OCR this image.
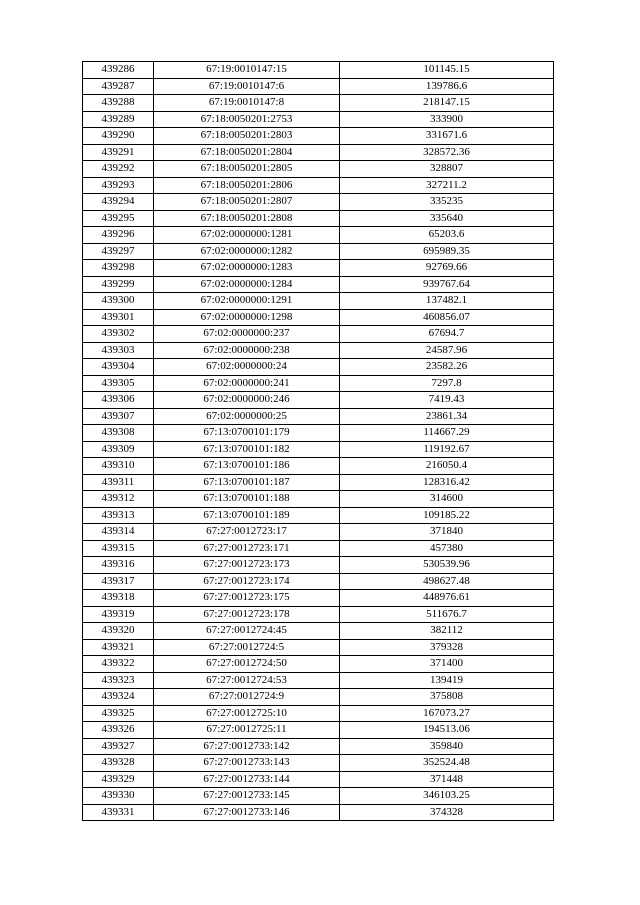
439286	67:19:0010147:15	101145.15
439287	67:19:0010147:6	139786.6
439288	67:19:0010147:8	218147.15
439289	67:18:0050201:2753	333900
439290	67:18:0050201:2803	331671.6
439291	67:18:0050201:2804	328572.36
439292	67:18:0050201:2805	328807
439293	67:18:0050201:2806	327211.2
439294	67:18:0050201:2807	335235
439295	67:18:0050201:2808	335640
439296	67:02:0000000:1281	65203.6
439297	67:02:0000000:1282	695989.35
439298	67:02:0000000:1283	92769.66
439299	67:02:0000000:1284	939767.64
439300	67:02:0000000:1291	137482.1
439301	67:02:0000000:1298	460856.07
439302	67:02:0000000:237	67694.7
439303	67:02:0000000:238	24587.96
439304	67:02:0000000:24	23582.26
439305	67:02:0000000:241	7297.8
439306	67:02:0000000:246	7419.43
439307	67:02:0000000:25	23861.34
439308	67:13:0700101:179	114667.29
439309	67:13:0700101:182	119192.67
439310	67:13:0700101:186	216050.4
439311	67:13:0700101:187	128316.42
439312	67:13:0700101:188	314600
439313	67:13:0700101:189	109185.22
439314	67:27:0012723:17	371840
439315	67:27:0012723:171	457380
439316	67:27:0012723:173	530539.96
439317	67:27:0012723:174	498627.48
439318	67:27:0012723:175	448976.61
439319	67:27:0012723:178	511676.7
439320	67:27:0012724:45	382112
439321	67:27:0012724:5	379328
439322	67:27:0012724:50	371400
439323	67:27:0012724:53	139419
439324	67:27:0012724:9	375808
439325	67:27:0012725:10	167073.27
439326	67:27:0012725:11	194513.06
439327	67:27:0012733:142	359840
439328	67:27:0012733:143	352524.48
439329	67:27:0012733:144	371448
439330	67:27:0012733:145	346103.25
439331	67:27:0012733:146	374328
